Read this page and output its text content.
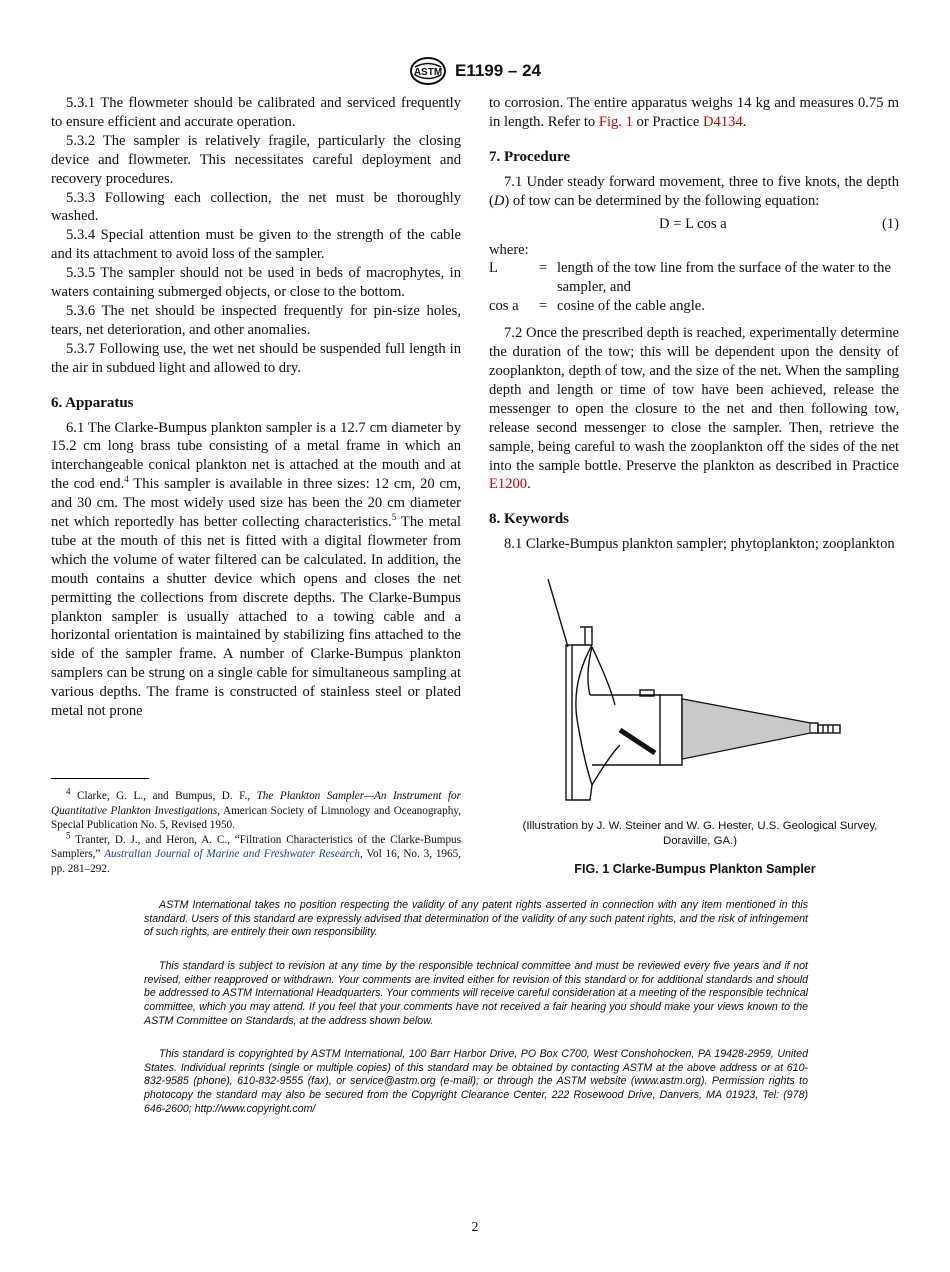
ASTM E1199 – 24

5.3.1 The flowmeter should be calibrated and serviced frequently to ensure efficient and accurate operation.

5.3.2 The sampler is relatively fragile, particularly the closing device and flowmeter. This necessitates careful deployment and recovery procedures.

5.3.3 Following each collection, the net must be thoroughly washed.

5.3.4 Special attention must be given to the strength of the cable and its attachment to avoid loss of the sampler.

5.3.5 The sampler should not be used in beds of macrophytes, in waters containing submerged objects, or close to the bottom.

5.3.6 The net should be inspected frequently for pin-size holes, tears, net deterioration, and other anomalies.

5.3.7 Following use, the wet net should be suspended full length in the air in subdued light and allowed to dry.

6. Apparatus

6.1 The Clarke-Bumpus plankton sampler is a 12.7 cm diameter by 15.2 cm long brass tube consisting of a metal frame in which an interchangeable conical plankton net is attached at the mouth and at the cod end.$^4$ This sampler is available in three sizes: 12 cm, 20 cm, and 30 cm. The most widely used size has been the 20 cm diameter net which reportedly has better collecting characteristics.$^5$ The metal tube at the mouth of this net is fitted with a digital flowmeter from which the volume of water filtered can be calculated. In addition, the mouth contains a shutter device which opens and closes the net permitting the collections from discrete depths. The Clarke-Bumpus plankton sampler is usually attached to a towing cable and a horizontal orientation is maintained by stabilizing fins attached to the side of the sampler frame. A number of Clarke-Bumpus plankton samplers can be strung on a single cable for simultaneous sampling at various depths. The frame is constructed of stainless steel or plated metal not prone

to corrosion. The entire apparatus weighs 14 kg and measures 0.75 m in length. Refer to Fig. 1 or Practice D4134.

7. Procedure

7.1 Under steady forward movement, three to five knots, the depth (D) of tow can be determined by the following equation:

D = L cos a	(1)

where:

L	= length of the tow line from the surface of the water to the sampler, and
cos a	= cosine of the cable angle.

7.2 Once the prescribed depth is reached, experimentally determine the duration of the tow; this will be dependent upon the density of zooplankton, depth of tow, and the size of the net. When the sampling depth and length or time of tow have been achieved, release the messenger to open the closure to the net and then following tow, release second messenger to close the sampler. Then, retrieve the sample, being careful to wash the zooplankton off the sides of the net into the sample bottle. Preserve the plankton as described in Practice E1200.

8. Keywords

8.1 Clarke-Bumpus plankton sampler; phytoplankton; zooplankton

(Illustration by J. W. Steiner and W. G. Hester, U.S. Geological Survey, Doraville, GA.)
FIG. 1 Clarke-Bumpus Plankton Sampler

$^4$ Clarke, G. L., and Bumpus, D. F., The Plankton Sampler—An Instrument for Quantitative Plankton Investigations, American Society of Limnology and Oceanography, Special Publication No. 5, Revised 1950.

$^5$ Tranter, D. J., and Heron, A. C., “Filtration Characteristics of the Clarke-Bumpus Samplers,” Australian Journal of Marine and Freshwater Research, Vol 16, No. 3, 1965, pp. 281–292.

ASTM International takes no position respecting the validity of any patent rights asserted in connection with any item mentioned in this standard. Users of this standard are expressly advised that determination of the validity of any such patent rights, and the risk of infringement of such rights, are entirely their own responsibility.

This standard is subject to revision at any time by the responsible technical committee and must be reviewed every five years and if not revised, either reapproved or withdrawn. Your comments are invited either for revision of this standard or for additional standards and should be addressed to ASTM International Headquarters. Your comments will receive careful consideration at a meeting of the responsible technical committee, which you may attend. If you feel that your comments have not received a fair hearing you should make your views known to the ASTM Committee on Standards, at the address shown below.

This standard is copyrighted by ASTM International, 100 Barr Harbor Drive, PO Box C700, West Conshohocken, PA 19428-2959, United States. Individual reprints (single or multiple copies) of this standard may be obtained by contacting ASTM at the above address or at 610-832-9585 (phone), 610-832-9555 (fax), or service@astm.org (e-mail); or through the ASTM website (www.astm.org). Permission rights to photocopy the standard may also be secured from the Copyright Clearance Center, 222 Rosewood Drive, Danvers, MA 01923, Tel: (978) 646-2600; http://www.copyright.com/

2
